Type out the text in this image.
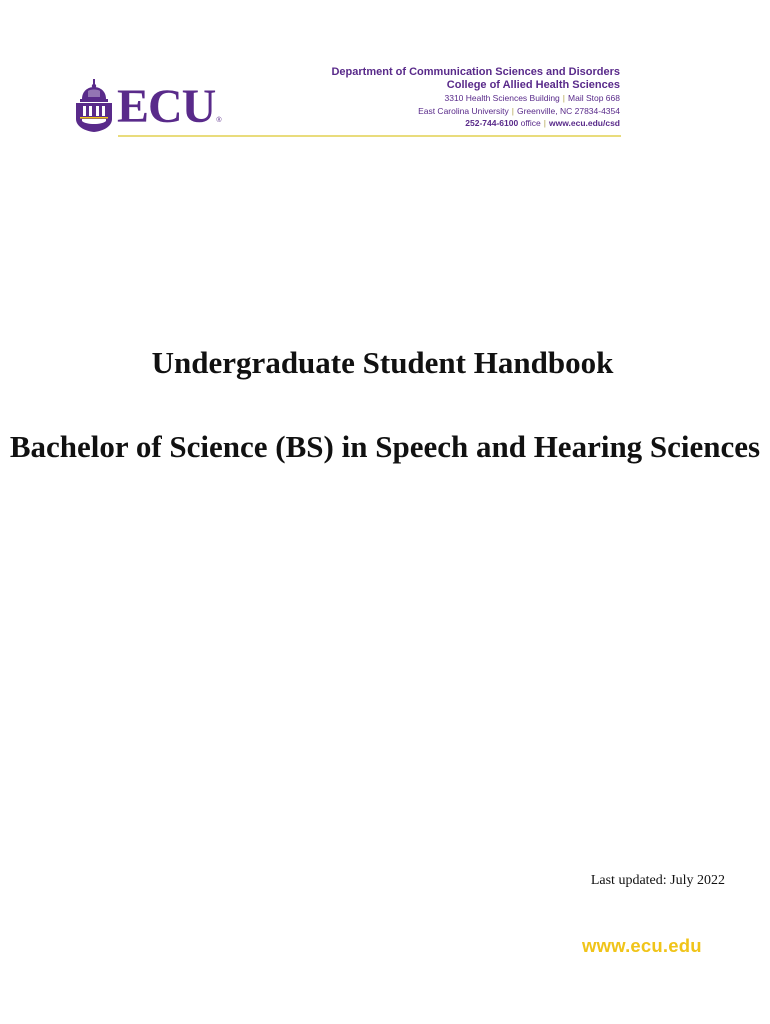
ECU ®
Department of Communication Sciences and Disorders
College of Allied Health Sciences
3310 Health Sciences Building | Mail Stop 668
East Carolina University | Greenville, NC 27834-4354
252-744-6100 office | www.ecu.edu/csd
Undergraduate Student Handbook
Bachelor of Science (BS) in Speech and Hearing Sciences
Last updated: July 2022
www.ecu.edu
